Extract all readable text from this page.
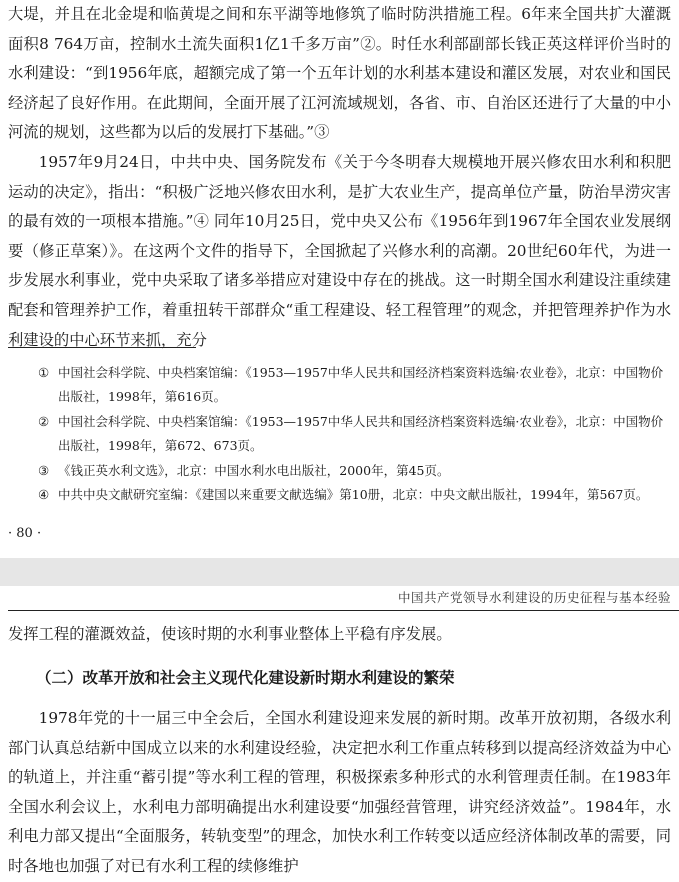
大堤，并且在北金堤和临黄堤之间和东平湖等地修筑了临时防洪措施工程。6年来全国共扩大灌溉面积8 764万亩，控制水土流失面积1亿1千多万亩”②。时任水利部副部长钱正英这样评价当时的水利建设：“到1956年底，超额完成了第一个五年计划的水利基本建设和灌区发展，对农业和国民经济起了良好作用。在此期间，全面开展了江河流域规划，各省、市、自治区还进行了大量的中小河流的规划，这些都为以后的发展打下基础。”③

1957年9月24日，中共中央、国务院发布《关于今冬明春大规模地开展兴修农田水利和积肥运动的决定》，指出：“积极广泛地兴修农田水利，是扩大农业生产，提高单位产量，防治旱涝灾害的最有效的一项根本措施。”④ 同年10月25日，党中央又公布《1956年到1967年全国农业发展纲要（修正草案）》。在这两个文件的指导下，全国掀起了兴修水利的高潮。20世纪60年代，为进一步发展水利事业，党中央采取了诸多举措应对建设中存在的挑战。这一时期全国水利建设注重续建配套和管理养护工作，着重扭转干部群众“重工程建设、轻工程管理”的观念，并把管理养护作为水利建设的中心环节来抓，充分

① 中国社会科学院、中央档案馆编：《1953—1957中华人民共和国经济档案资料选编·农业卷》，北京：中国物价出版社，1998年，第616页。
② 中国社会科学院、中央档案馆编：《1953—1957中华人民共和国经济档案资料选编·农业卷》，北京：中国物价出版社，1998年，第672、673页。
③ 《钱正英水利文选》，北京：中国水利水电出版社，2000年，第45页。
④ 中共中央文献研究室编：《建国以来重要文献选编》第10册，北京：中央文献出版社，1994年，第567页。
· 80 ·
中国共产党领导水利建设的历史征程与基本经验

发挥工程的灌溉效益，使该时期的水利事业整体上平稳有序发展。

（二）改革开放和社会主义现代化建设新时期水利建设的繁荣

1978年党的十一届三中全会后，全国水利建设迎来发展的新时期。改革开放初期，各级水利部门认真总结新中国成立以来的水利建设经验，决定把水利工作重点转移到以提高经济效益为中心的轨道上，并注重“蓄引提”等水利工程的管理，积极探索多种形式的水利管理责任制。在1983年全国水利会议上，水利电力部明确提出水利建设要“加强经营管理，讲究经济效益”。1984年，水利电力部又提出“全面服务，转轨变型”的理念，加快水利工作转变以适应经济体制改革的需要，同时各地也加强了对已有水利工程的续修维护
